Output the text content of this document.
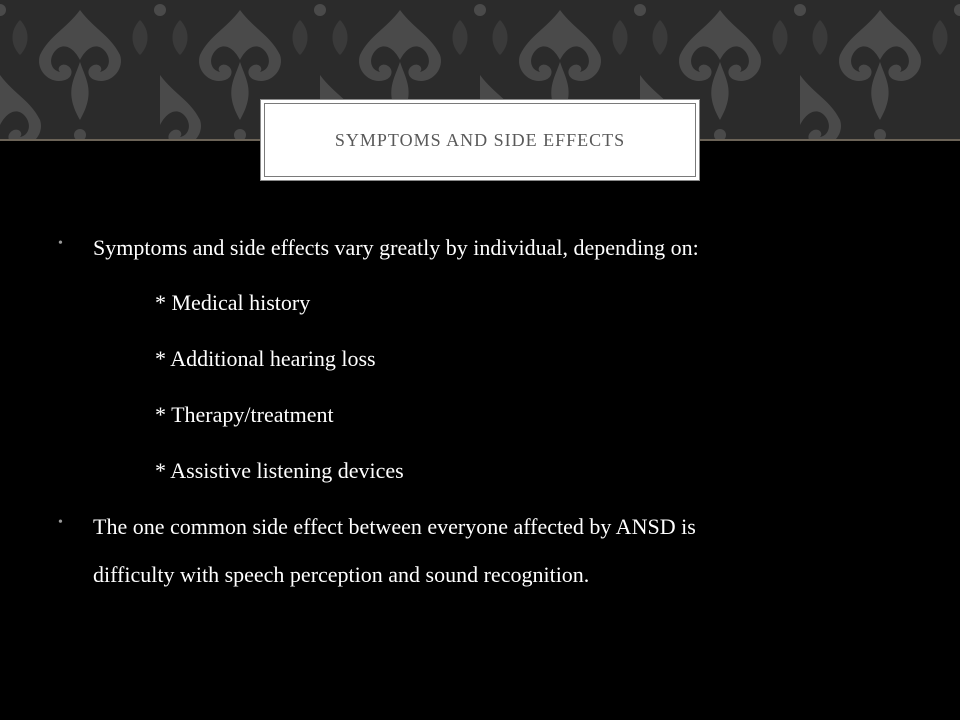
SYMPTOMS AND SIDE EFFECTS
• Symptoms and side effects vary greatly by individual, depending on:
* Medical history
* Additional hearing loss
* Therapy/treatment
* Assistive listening devices
• The one common side effect between everyone affected by ANSD is
difficulty with speech perception and sound recognition.
